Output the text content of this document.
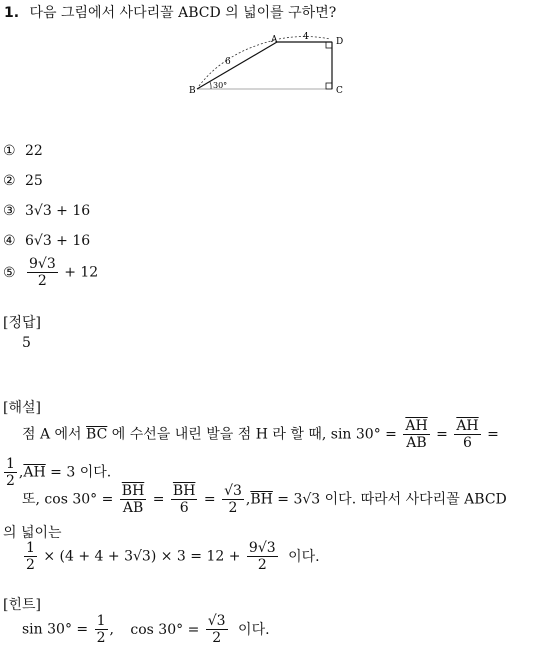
1. 다음 그림에서 사다리꼴 ABCD 의 넓이를 구하면?
A
B	C
D
6
4
30°
① 22
② 25
③ 3√3 + 16
④ 6√3 + 16
⑤ $\frac{9√3}{2} + 12$
[정답]
5
[해설]
점 A 에서 $\overline{BC}$ 에 수선을 내린 발을 점 H 라 할 때, $\sin 30^\circ = \frac{\overline{AH}}{AB} = \frac{\overline{AH}}{6}$ =
$\frac{1}{2} ,\overline{AH} = 3$ 이다.
또, $\cos 30^\circ = \frac{\overline{BH}}{AB} = \frac{\overline{BH}}{6} = \frac{√3}{2} ,\overline{BH} = 3√3$ 이다. 따라서 사다리꼴 ABCD
의 넓이는
$\frac{1}{2} \times (4 + 4 + 3√3) \times 3 = 12 + \frac{9√3}{2}$ 이다.
[힌트]
$\sin 30^\circ = \frac{1}{2}$ , $\cos 30^\circ = \frac{√3}{2}$ 이다.
